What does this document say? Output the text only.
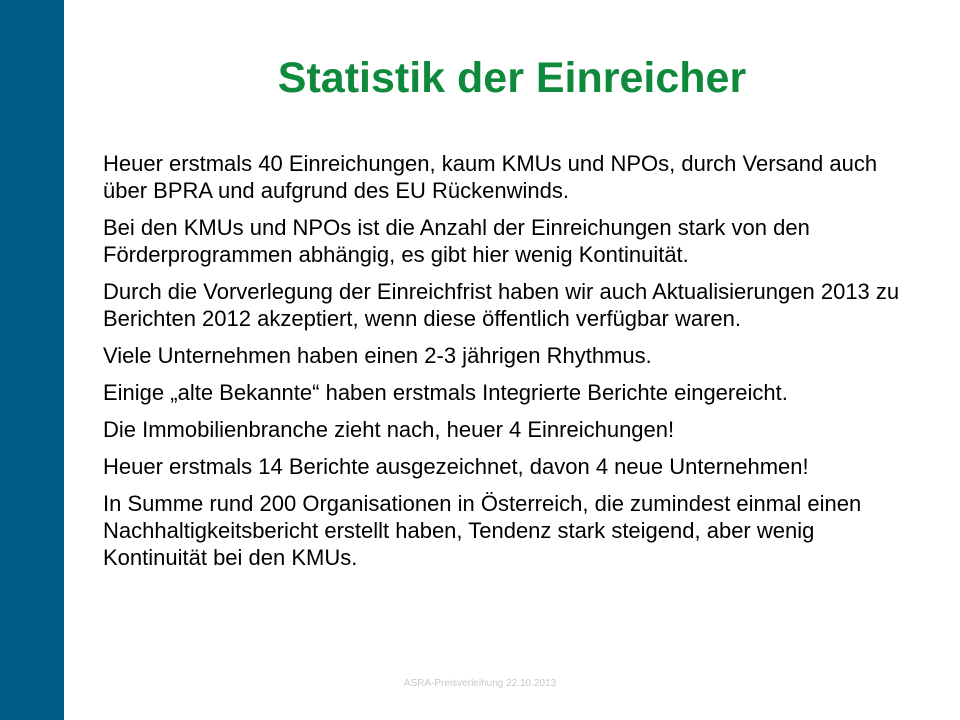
Statistik der Einreicher
Heuer erstmals 40 Einreichungen, kaum KMUs und NPOs, durch Versand auch über BPRA und aufgrund des EU Rückenwinds.
Bei den KMUs und NPOs ist die Anzahl der Einreichungen stark von den Förderprogrammen abhängig, es gibt hier wenig Kontinuität.
Durch die Vorverlegung der Einreichfrist haben wir auch Aktualisierungen 2013 zu Berichten 2012 akzeptiert, wenn diese öffentlich verfügbar waren.
Viele Unternehmen haben einen 2-3 jährigen Rhythmus.
Einige „alte Bekannte“ haben erstmals Integrierte Berichte eingereicht.
Die Immobilienbranche zieht nach, heuer 4 Einreichungen!
Heuer erstmals 14 Berichte ausgezeichnet, davon 4 neue Unternehmen!
In Summe rund 200 Organisationen in Österreich, die zumindest einmal einen Nachhaltigkeitsbericht erstellt haben, Tendenz stark steigend, aber wenig Kontinuität bei den KMUs.
ASRA-Preisverleihung 22.10.2013
